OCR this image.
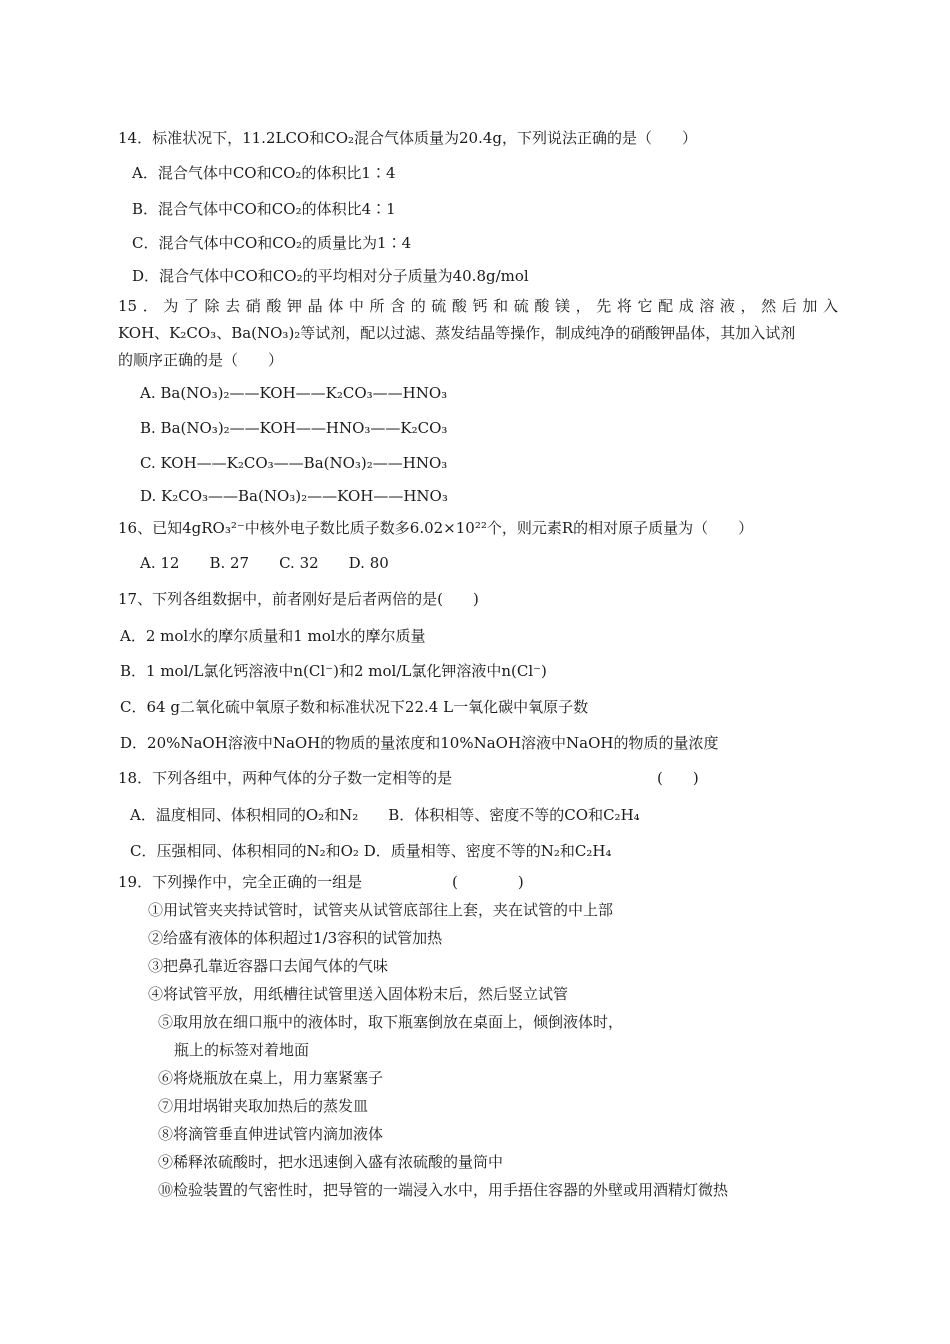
14．标准状况下，11.2LCO和CO₂混合气体质量为20.4g，下列说法正确的是（　　）
A．混合气体中CO和CO₂的体积比1∶4
B．混合气体中CO和CO₂的体积比4∶1
C．混合气体中CO和CO₂的质量比为1∶4
D．混合气体中CO和CO₂的平均相对分子质量为40.8g/mol
15．为了除去硝酸钾晶体中所含的硫酸钙和硫酸镁，先将它配成溶液，然后加入
KOH、K₂CO₃、Ba(NO₃)₂等试剂，配以过滤、蒸发结晶等操作，制成纯净的硝酸钾晶体，其加入试剂
的顺序正确的是（　　）
A. Ba(NO₃)₂——KOH——K₂CO₃——HNO₃
B. Ba(NO₃)₂——KOH——HNO₃——K₂CO₃
C. KOH——K₂CO₃——Ba(NO₃)₂——HNO₃
D. K₂CO₃——Ba(NO₃)₂——KOH——HNO₃
16、已知4gRO₃²⁻中核外电子数比质子数多6.02×10²²个，则元素R的相对原子质量为（　　）
A. 12　　B. 27　　C. 32　　D. 80
17、下列各组数据中，前者刚好是后者两倍的是(　　)
A．2 mol水的摩尔质量和1 mol水的摩尔质量
B．1 mol/L氯化钙溶液中n(Cl⁻)和2 mol/L氯化钾溶液中n(Cl⁻)
C．64 g二氧化硫中氧原子数和标准状况下22.4 L一氧化碳中氧原子数
D．20%NaOH溶液中NaOH的物质的量浓度和10%NaOH溶液中NaOH的物质的量浓度
18．下列各组中，两种气体的分子数一定相等的是	(　　)
A．温度相同、体积相同的O₂和N₂　　B．体积相等、密度不等的CO和C₂H₄
C．压强相同、体积相同的N₂和O₂ D．质量相等、密度不等的N₂和C₂H₄
19．下列操作中，完全正确的一组是	(　　　　)
①用试管夹夹持试管时，试管夹从试管底部往上套，夹在试管的中上部
②给盛有液体的体积超过1/3容积的试管加热
③把鼻孔靠近容器口去闻气体的气味
④将试管平放，用纸槽往试管里送入固体粉末后，然后竖立试管
⑤取用放在细口瓶中的液体时，取下瓶塞倒放在桌面上，倾倒液体时，
瓶上的标签对着地面
⑥将烧瓶放在桌上，用力塞紧塞子
⑦用坩埚钳夹取加热后的蒸发皿
⑧将滴管垂直伸进试管内滴加液体
⑨稀释浓硫酸时，把水迅速倒入盛有浓硫酸的量筒中
⑩检验装置的气密性时，把导管的一端浸入水中，用手捂住容器的外壁或用酒精灯微热
